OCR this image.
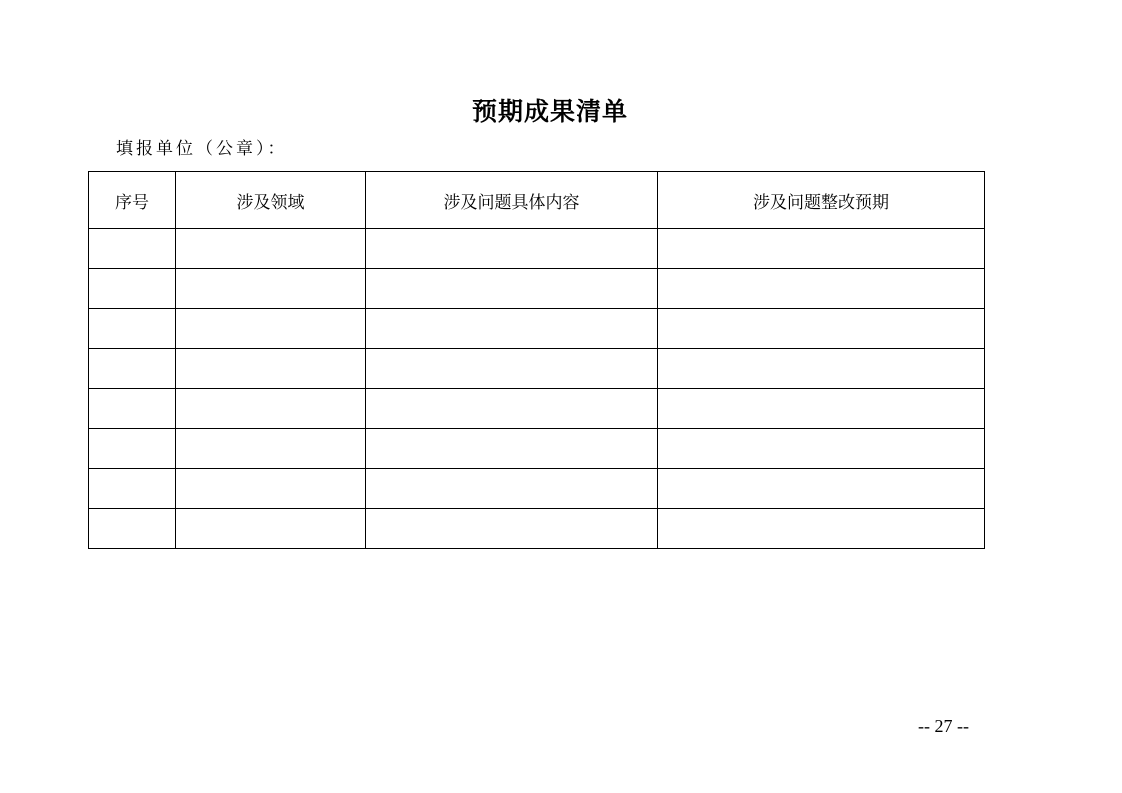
预期成果清单
填报单位（公章）：
序号	涉及领域	涉及问题具体内容	涉及问题整改预期

-- 27 --
